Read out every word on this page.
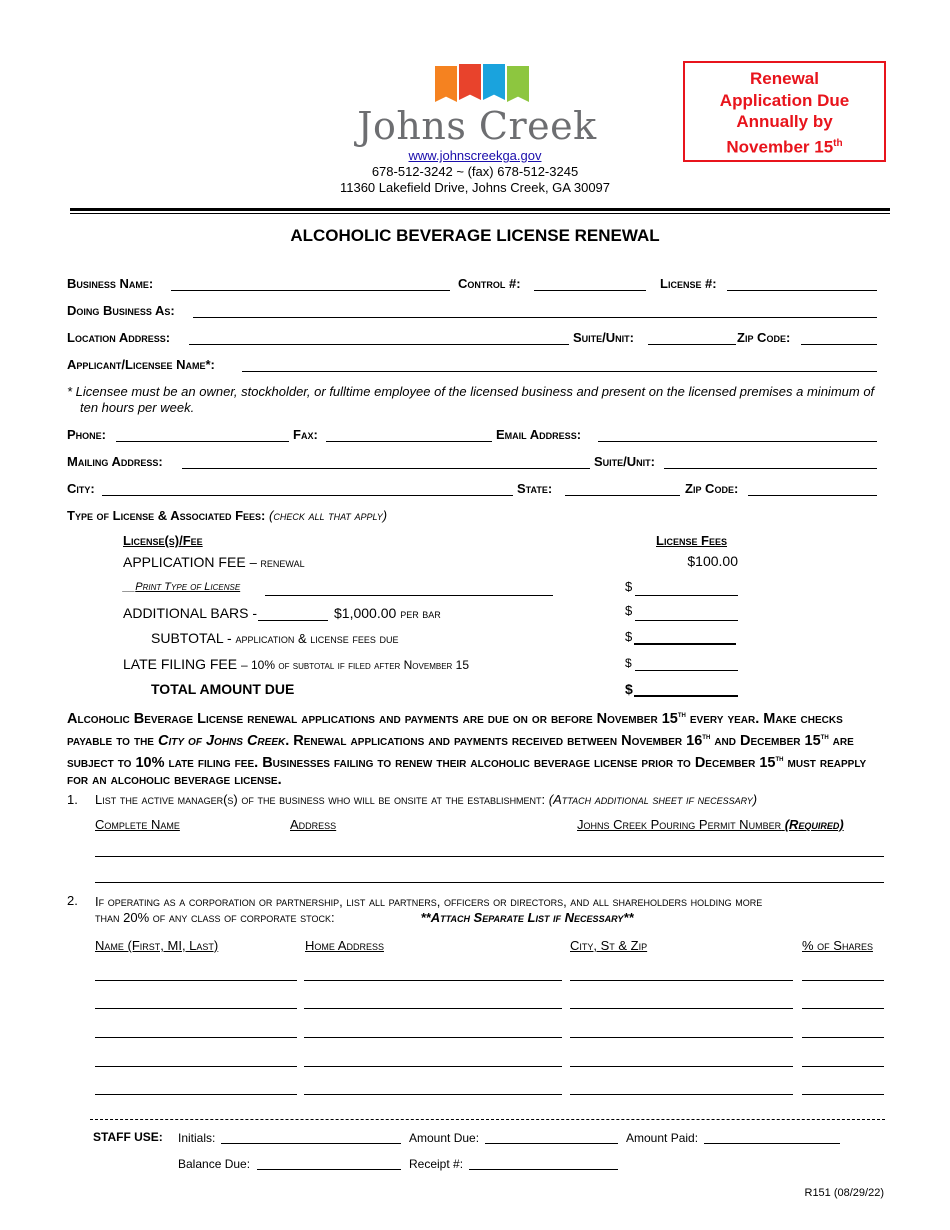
Johns Creek
www.johnscreekga.gov
678-512-3242 ~ (fax) 678-512-3245
11360 Lakefield Drive, Johns Creek, GA 30097
Renewal
Application Due
Annually by
November 15th
ALCOHOLIC BEVERAGE LICENSE RENEWAL
Business Name:	Control #:	License #:
Doing Business As:
Location Address:	Suite/Unit:	Zip Code:
Applicant/Licensee Name*:
* Licensee must be an owner, stockholder, or fulltime employee of the licensed business and present on the licensed premises a minimum of ten hours per week.
Phone:	Fax:	Email Address:
Mailing Address:	Suite/Unit:
City:	State:	Zip Code:
Type of License & Associated Fees: (check all that apply)
License(s)/Fee	License Fees
APPLICATION FEE – renewal	$100.00
__Print Type of License	$
ADDITIONAL BARS -	$1,000.00 per bar	$
SUBTOTAL - application & license fees due	$
LATE FILING FEE – 10% of subtotal if filed after November 15	$
TOTAL AMOUNT DUE	$
Alcoholic Beverage License renewal applications and payments are due on or before November 15th every year. Make checks payable to the City of Johns Creek. Renewal applications and payments received between November 16th and December 15th are subject to 10% late filing fee. Businesses failing to renew their alcoholic beverage license prior to December 15th must reapply for an alcoholic beverage license.
1. List the active manager(s) of the business who will be onsite at the establishment: (Attach additional sheet if necessary)
Complete Name	Address	Johns Creek Pouring Permit Number (Required)
2. If operating as a corporation or partnership, list all partners, officers or directors, and all shareholders holding more
than 20% of any class of corporate stock:	**Attach Separate List if Necessary**
Name (First, MI, Last)	Home Address	City, St & Zip	% of Shares
STAFF USE: Initials:	Amount Due:	Amount Paid:
Balance Due:	Receipt #:
R151 (08/29/22)
